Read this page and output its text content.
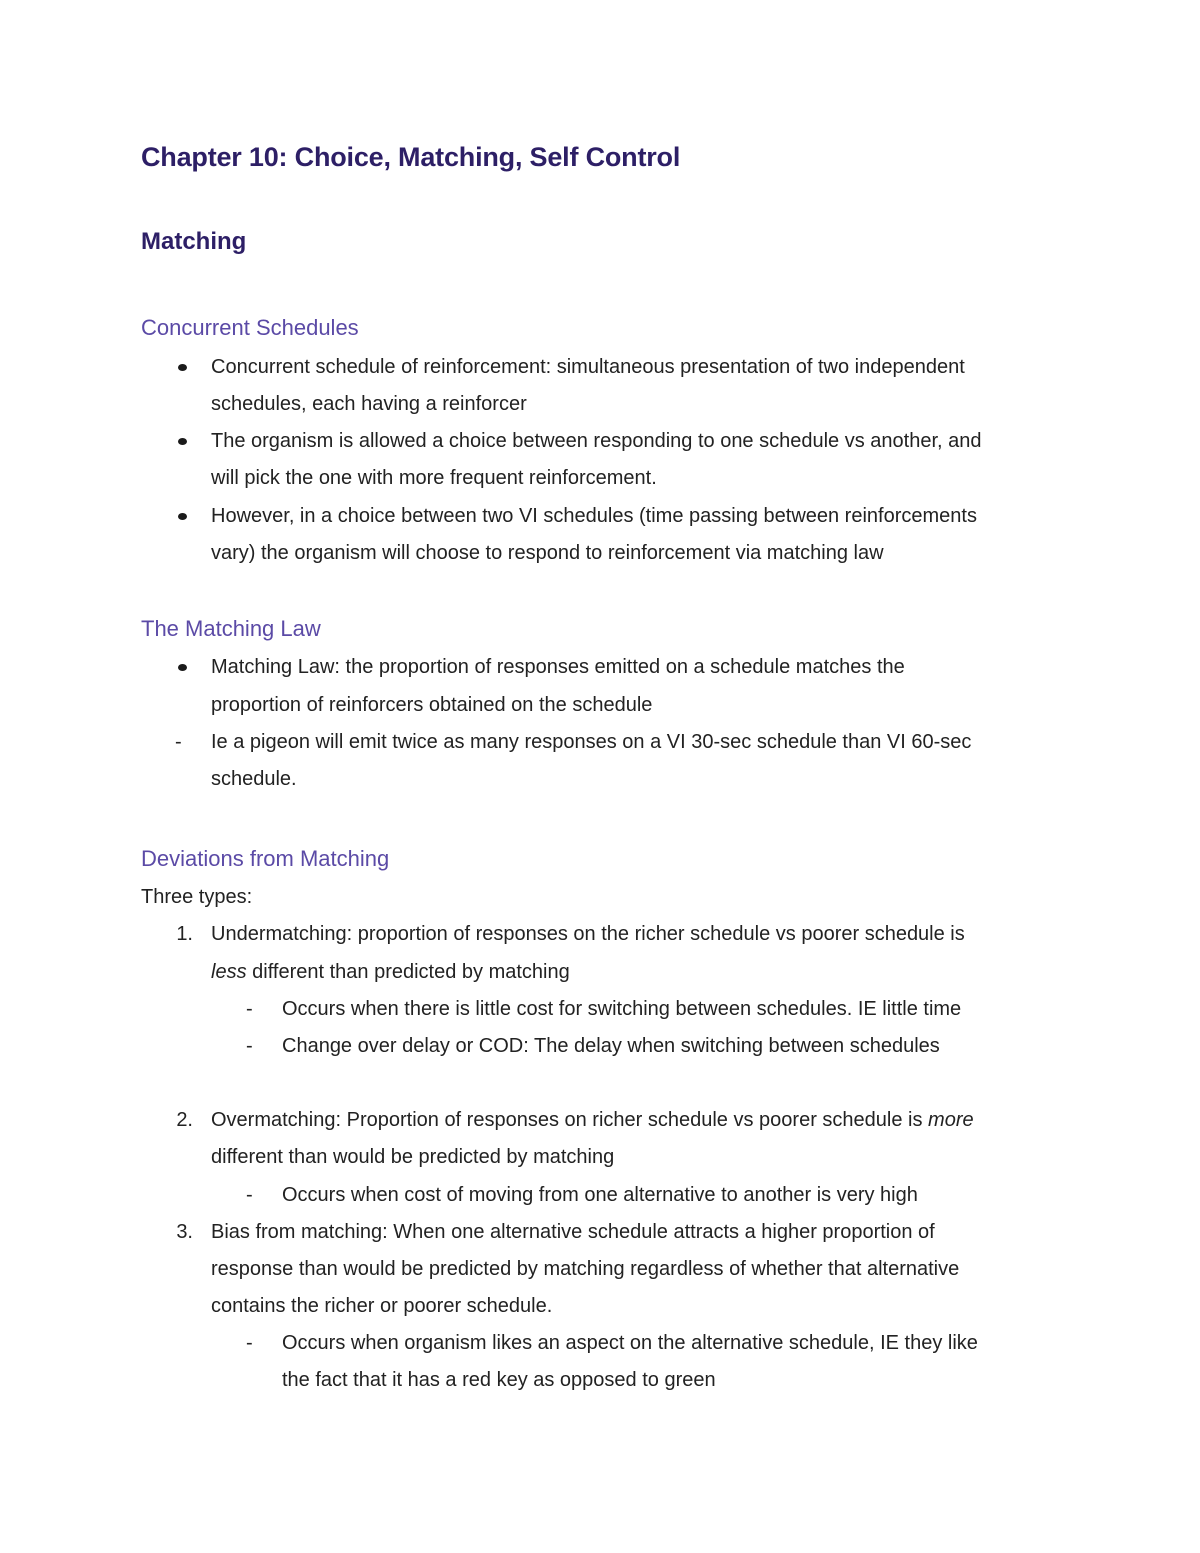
Chapter 10: Choice, Matching, Self Control
Matching
Concurrent Schedules
Concurrent schedule of reinforcement: simultaneous presentation of two independent
schedules, each having a reinforcer
The organism is allowed a choice between responding to one schedule vs another, and
will pick the one with more frequent reinforcement.
However, in a choice between two VI schedules (time passing between reinforcements
vary) the organism will choose to respond to reinforcement via matching law
The Matching Law
Matching Law: the proportion of responses emitted on a schedule matches the
proportion of reinforcers obtained on the schedule
- Ie a pigeon will emit twice as many responses on a VI 30-sec schedule than VI 60-sec
schedule.
Deviations from Matching
Three types:
1. Undermatching: proportion of responses on the richer schedule vs poorer schedule is
less different than predicted by matching
- Occurs when there is little cost for switching between schedules. IE little time
- Change over delay or COD: The delay when switching between schedules
2. Overmatching: Proportion of responses on richer schedule vs poorer schedule is more
different than would be predicted by matching
- Occurs when cost of moving from one alternative to another is very high
3. Bias from matching: When one alternative schedule attracts a higher proportion of
response than would be predicted by matching regardless of whether that alternative
contains the richer or poorer schedule.
- Occurs when organism likes an aspect on the alternative schedule, IE they like
the fact that it has a red key as opposed to green
